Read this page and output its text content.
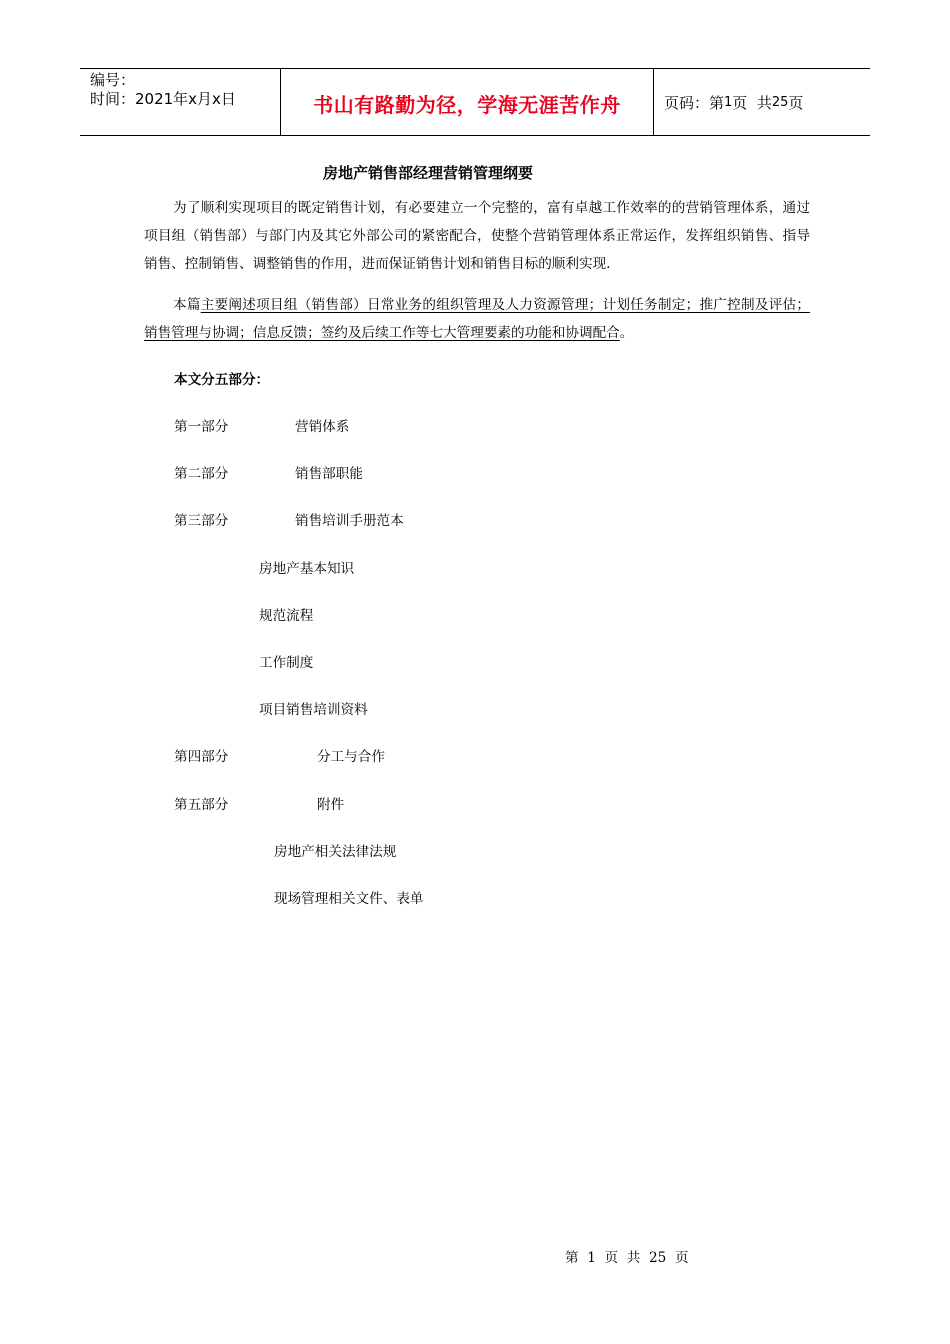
编号：
时间：2021年x月x日	书山有路勤为径，学海无涯苦作舟	页码：第 1 页  共 25 页
房地产销售部经理营销管理纲要
为了顺利实现项目的既定销售计划，有必要建立一个完整的，富有卓越工作效率的的营销管理体系，通过项目组（销售部）与部门内及其它外部公司的紧密配合，使整个营销管理体系正常运作，发挥组织销售、指导销售、控制销售、调整销售的作用，进而保证销售计划和销售目标的顺利实现.
本篇主要阐述项目组（销售部）日常业务的组织管理及人力资源管理；计划任务制定；推广控制及评估；销售管理与协调；信息反馈；签约及后续工作等七大管理要素的功能和协调配合。
本文分五部分：
第一部分	营销体系
第二部分	销售部职能
第三部分	销售培训手册范本
房地产基本知识
规范流程
工作制度
项目销售培训资料
第四部分	分工与合作
第五部分	附件
房地产相关法律法规
现场管理相关文件、表单
第  1  页  共  25  页
